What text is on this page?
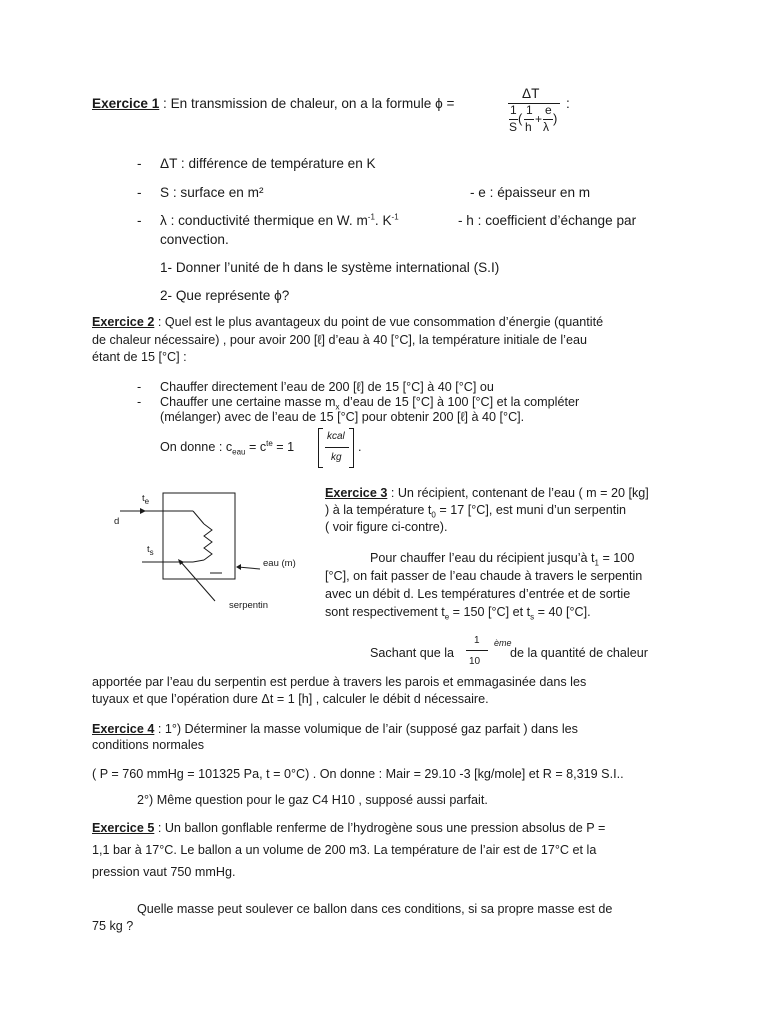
Exercice 1 : En transmission de chaleur, on a la formule ϕ =
ΔT
1
S
(
1
h
+
e
λ
)
:
- ΔT : différence de température en K
- S : surface en m²	- e : épaisseur en m
- λ : conductivité thermique en W. $m^{-1}$. $K^{-1}$	- h : coefficient d’échange par
convection.
1- Donner l’unité de h dans le système international (S.I)
2- Que représente ϕ?
Exercice 2 : Quel est le plus avantageux du point de vue consommation d’énergie (quantité
de chaleur nécessaire) , pour avoir 200 [ℓ] d’eau à 40 [°C], la température initiale de l’eau
étant de 15 [°C] :
- Chauffer directement l’eau de 200 [ℓ] de 15 [°C] à 40 [°C] ou
- Chauffer une certaine masse $m_x$ d’eau de 15 [°C] à 100 [°C] et la compléter
(mélanger) avec de l’eau de 15 [°C] pour obtenir 200 [ℓ] à 40 [°C].
On donne : $c_{eau} = c^{te} = 1$
kcal
kg
.
$t_e$
d
$t_s$
eau (m)
serpentin
Exercice 3 : Un récipient, contenant de l’eau ( m = 20 [kg]
) à la température $t_0 = 17$ [°C], est muni d’un serpentin
( voir figure ci-contre).
Pour chauffer l’eau du récipient jusqu’à $t_1 = 100$
[°C], on fait passer de l’eau chaude à travers le serpentin
avec un débit d. Les températures d’entrée et de sortie
sont respectivement $t_e = 150$ [°C] et $t_s = 40$ [°C].
Sachant que la
1
10
ème
de la quantité de chaleur
apportée par l’eau du serpentin est perdue à travers les parois et emmagasinée dans les
tuyaux et que l’opération dure Δt = 1 [h] , calculer le débit d nécessaire.
Exercice 4 : 1°) Déterminer la masse volumique de l’air (supposé gaz parfait ) dans les
conditions normales
( P = 760 mmHg = 101325 Pa, t = 0°C) . On donne : Mair = 29.10 -3 [kg/mole] et R = 8,319 S.I..
2°) Même question pour le gaz C4 H10 , supposé aussi parfait.
Exercice 5 : Un ballon gonflable renferme de l’hydrogène sous une pression absolus de P =
1,1 bar à 17°C. Le ballon a un volume de 200 m3. La température de l’air est de 17°C et la
pression vaut 750 mmHg.
Quelle masse peut soulever ce ballon dans ces conditions, si sa propre masse est de
75 kg ?
